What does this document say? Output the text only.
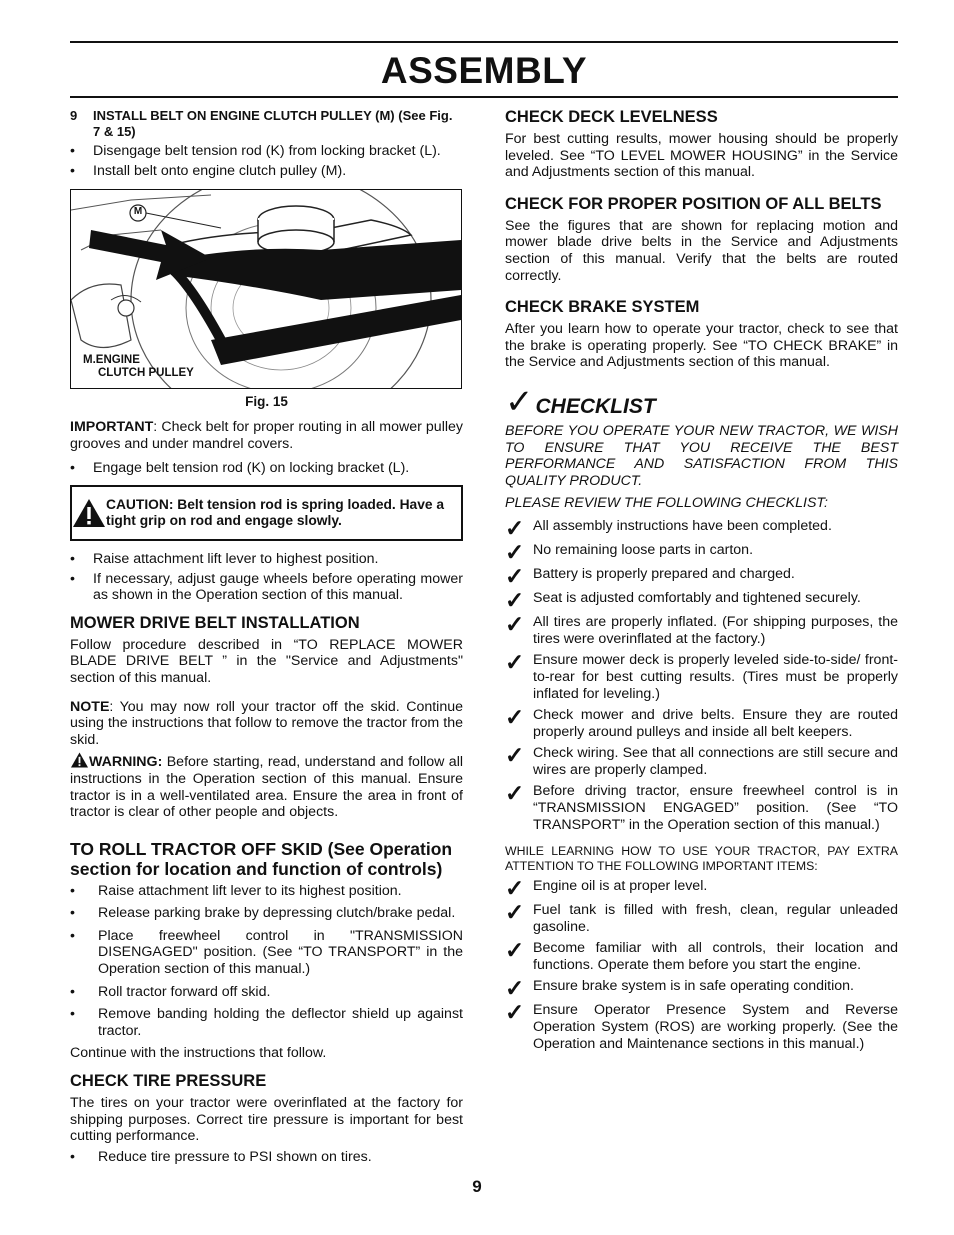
ASSEMBLY
9	INSTALL BELT ON ENGINE CLUTCH PULLEY (M) (See Fig. 7 & 15)
• Disengage belt tension rod (K) from locking bracket (L).
• Install belt onto engine clutch pulley (M).
M
M.ENGINE
CLUTCH PULLEY
Fig. 15

IMPORTANT: Check belt for proper routing in all mower pulley grooves and under mandrel covers.

• Engage belt tension rod (K) on locking bracket (L).
CAUTION: Belt tension rod is spring loaded. Have a tight grip on rod and engage slowly.
• Raise attachment lift lever to highest position.
• If necessary, adjust gauge wheels before operating mower as shown in the Operation section of this manual.
MOWER DRIVE BELT INSTALLATION

Follow procedure described in “TO REPLACE MOWER BLADE DRIVE BELT ” in the "Service and Adjustments" section of this manual.

NOTE: You may now roll your tractor off the skid. Continue using the instructions that follow to remove the tractor from the skid.

WARNING: Before starting, read, understand and follow all instructions in the Operation section of this manual. Ensure tractor is in a well-ventilated area. Ensure the area in front of tractor is clear of other people and objects.

TO ROLL TRACTOR OFF SKID (See Operation section for location and function of controls)
• Raise attachment lift lever to its highest position.
• Release parking brake by depressing clutch/brake pedal.
• Place freewheel control in "TRANSMISSION DISENGAGED" position. (See “TO TRANSPORT” in the Operation section of this manual.)
• Roll tractor forward off skid.
• Remove banding holding the deflector shield up against tractor.

Continue with the instructions that follow.

CHECK TIRE PRESSURE

The tires on your tractor were overinflated at the factory for shipping purposes. Correct tire pressure is important for best cutting performance.

• Reduce tire pressure to PSI shown on tires.
CHECK DECK LEVELNESS

For best cutting results, mower housing should be properly leveled. See “TO LEVEL MOWER HOUSING” in the Service and Adjustments section of this manual.

CHECK FOR PROPER POSITION OF ALL BELTS

See the figures that are shown for replacing motion and mower blade drive belts in the Service and Adjustments section of this manual. Verify that the belts are routed correctly.

CHECK BRAKE SYSTEM

After you learn how to operate your tractor, check to see that the brake is operating properly. See “TO CHECK BRAKE” in the Service and Adjustments section of this manual.

✓ CHECKLIST

BEFORE YOU OPERATE YOUR NEW TRACTOR, WE WISH TO ENSURE THAT YOU RECEIVE THE BEST PERFORMANCE AND SATISFACTION FROM THIS QUALITY PRODUCT.

PLEASE REVIEW THE FOLLOWING CHECKLIST:

✓ All assembly instructions have been completed.
✓ No remaining loose parts in carton.
✓ Battery is properly prepared and charged.
✓ Seat is adjusted comfortably and tightened securely.
✓ All tires are properly inflated. (For shipping purposes, the tires were overinflated at the factory.)
✓ Ensure mower deck is properly leveled side-to-side/ front-to-rear for best cutting results. (Tires must be properly inflated for leveling.)
✓ Check mower and drive belts. Ensure they are routed properly around pulleys and inside all belt keepers.
✓ Check wiring. See that all connections are still secure and wires are properly clamped.
✓ Before driving tractor, ensure freewheel control is in “TRANSMISSION ENGAGED” position. (See “TO TRANSPORT” in the Operation section of this manual.)

WHILE LEARNING HOW TO USE YOUR TRACTOR, PAY EXTRA ATTENTION TO THE FOLLOWING IMPORTANT ITEMS:

✓ Engine oil is at proper level.
✓ Fuel tank is filled with fresh, clean, regular unleaded gasoline.
✓ Become familiar with all controls, their location and functions. Operate them before you start the engine.
✓ Ensure brake system is in safe operating condition.
✓ Ensure Operator Presence System and Reverse Operation System (ROS) are working properly. (See the Operation and Maintenance sections in this manual.)
9
